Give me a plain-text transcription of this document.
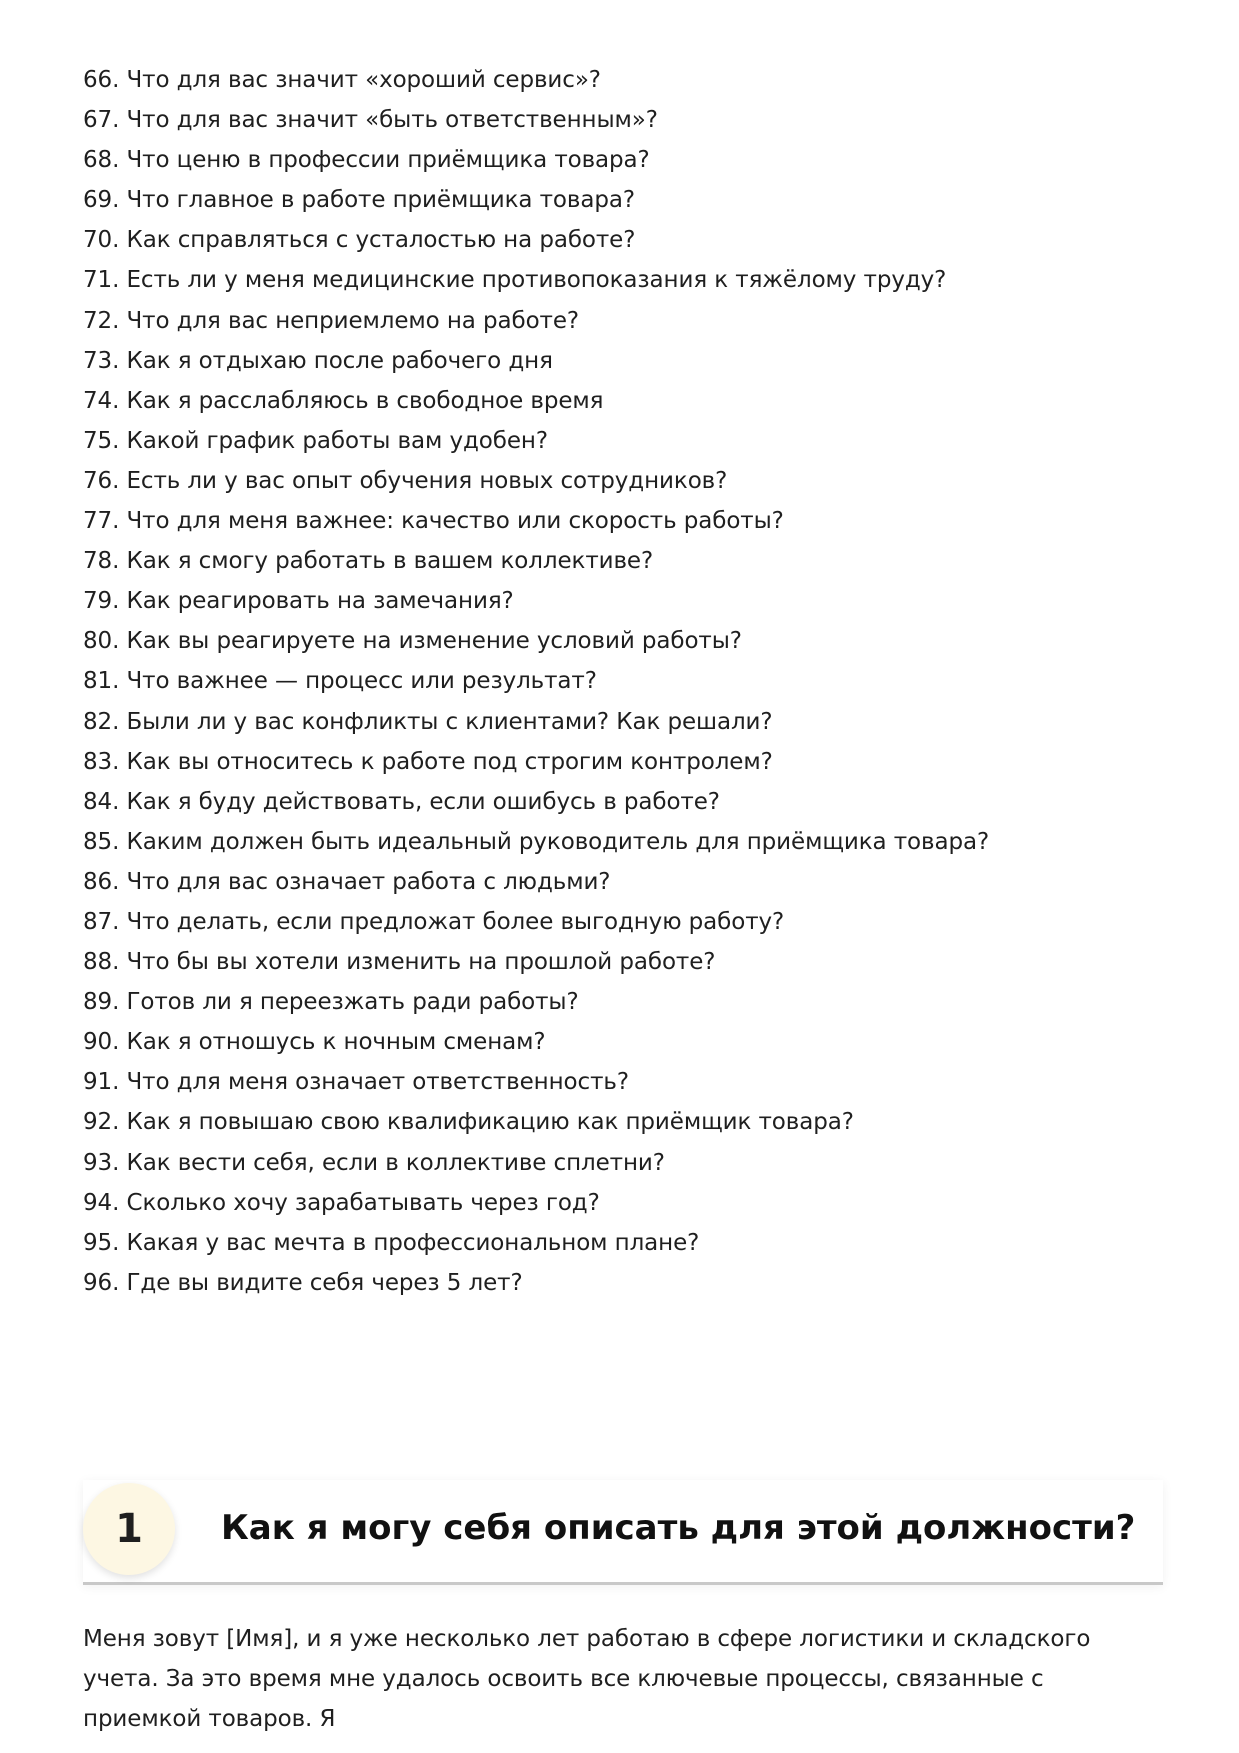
66. Что для вас значит «хороший сервис»?
67. Что для вас значит «быть ответственным»?
68. Что ценю в профессии приёмщика товара?
69. Что главное в работе приёмщика товара?
70. Как справляться с усталостью на работе?
71. Есть ли у меня медицинские противопоказания к тяжёлому труду?
72. Что для вас неприемлемо на работе?
73. Как я отдыхаю после рабочего дня
74. Как я расслабляюсь в свободное время
75. Какой график работы вам удобен?
76. Есть ли у вас опыт обучения новых сотрудников?
77. Что для меня важнее: качество или скорость работы?
78. Как я смогу работать в вашем коллективе?
79. Как реагировать на замечания?
80. Как вы реагируете на изменение условий работы?
81. Что важнее — процесс или результат?
82. Были ли у вас конфликты с клиентами? Как решали?
83. Как вы относитесь к работе под строгим контролем?
84. Как я буду действовать, если ошибусь в работе?
85. Каким должен быть идеальный руководитель для приёмщика товара?
86. Что для вас означает работа с людьми?
87. Что делать, если предложат более выгодную работу?
88. Что бы вы хотели изменить на прошлой работе?
89. Готов ли я переезжать ради работы?
90. Как я отношусь к ночным сменам?
91. Что для меня означает ответственность?
92. Как я повышаю свою квалификацию как приёмщик товара?
93. Как вести себя, если в коллективе сплетни?
94. Сколько хочу зарабатывать через год?
95. Какая у вас мечта в профессиональном плане?
96. Где вы видите себя через 5 лет?
1	Как я могу себя описать для этой должности?

Меня зовут [Имя], и я уже несколько лет работаю в сфере логистики и складского учета. За это время мне удалось освоить все ключевые процессы, связанные с приемкой товаров. Я
